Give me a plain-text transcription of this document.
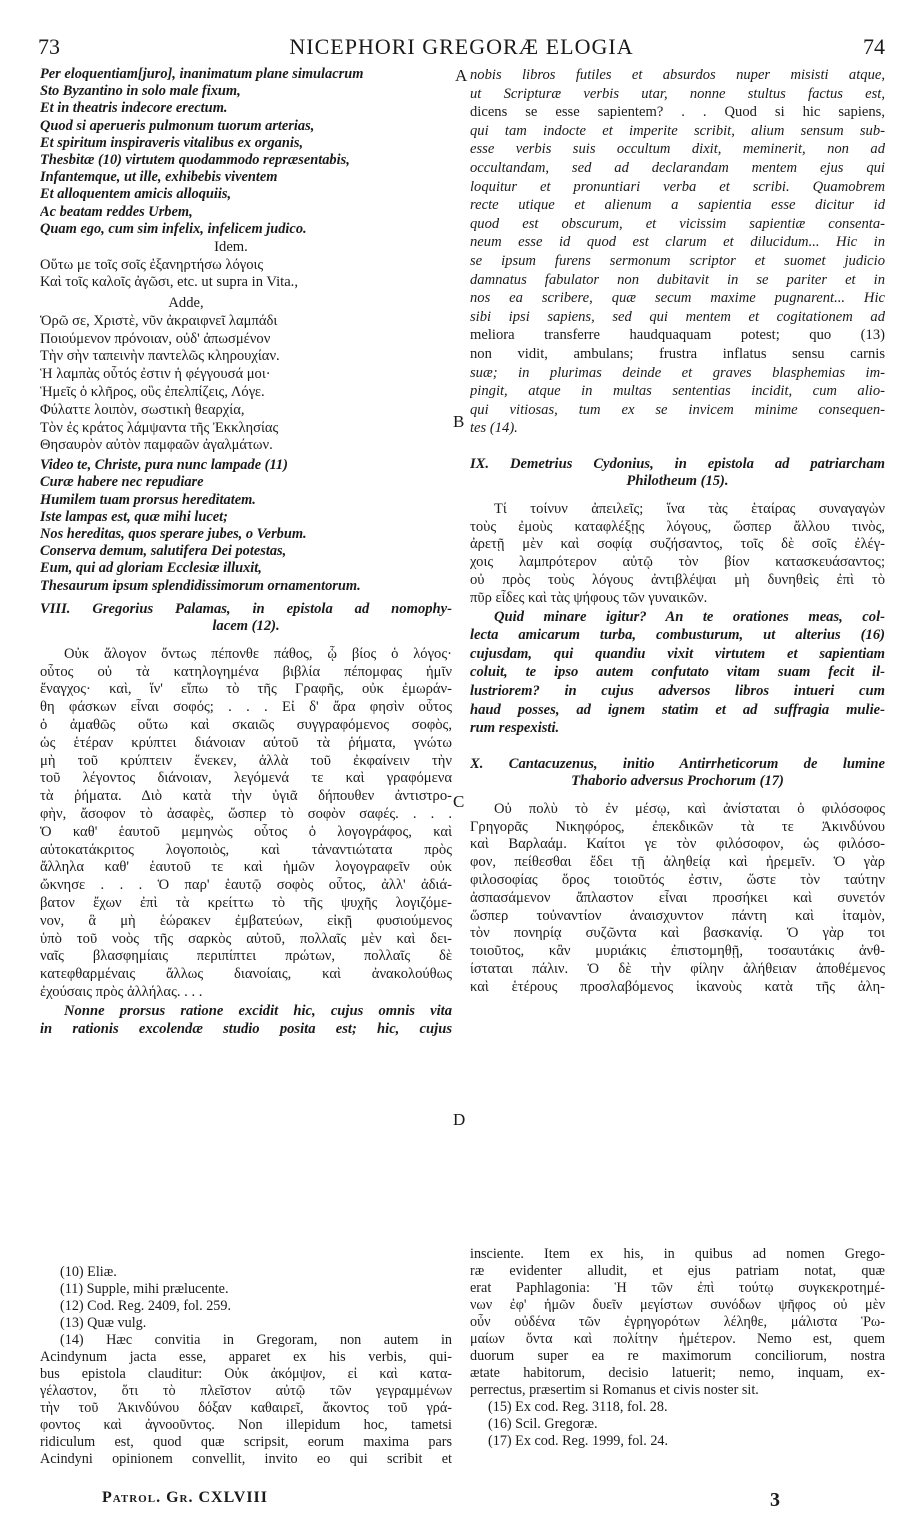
73	NICEPHORI GREGORÆ ELOGIA	74
A
B
C
D
Per eloquentiam[juro], inanimatum plane simulacrum
Sto Byzantino in solo male fixum,
Et in theatris indecore erectum.
Quod si aperueris pulmonum tuorum arterias,
Et spiritum inspiraveris vitalibus ex organis,
Thesbitæ (10) virtutem quodammodo repræsentabis,
Infantemque, ut ille, exhibebis viventem
Et alloquentem amicis alloquiis,
Ac beatam reddes Urbem,
Quam ego, cum sim infelix, infelicem judico.
Idem.
Οὕτω με τοῖς σοῖς ἐξανηρτήσω λόγοις
Καὶ τοῖς καλοῖς ἀγῶσι, etc. ut supra in Vita.,
Adde,
Ὁρῶ σε, Χριστὲ, νῦν ἀκραιφνεῖ λαμπάδι
Ποιούμενον πρόνοιαν, οὐδ' ἀπωσμένον
Τὴν σὴν ταπεινὴν παντελῶς κληρουχίαν.
Ἡ λαμπὰς οὗτός ἐστιν ἡ φέγγουσά μοι·
Ἡμεῖς ὁ κλῆρος, οὓς ἐπελπίζεις, Λόγε.
Φύλαττε λοιπὸν, σωστικὴ θεαρχία,
Τὸν ἐς κράτος λάμψαντα τῆς Ἐκκλησίας
Θησαυρὸν αὐτὸν παμφαῶν ἀγαλμάτων.
Video te, Christe, pura nunc lampade (11)
Curæ habere nec repudiare
Humilem tuam prorsus hereditatem.
Iste lampas est, quæ mihi lucet;
Nos hereditas, quos sperare jubes, o Verbum.
Conserva demum, salutifera Dei potestas,
Eum, qui ad gloriam Ecclesiæ illuxit,
Thesaurum ipsum splendidissimorum ornamentorum.
VIII. Gregorius Palamas, in epistola ad nomophy-
lacem (12).
Οὐκ ἄλογον ὄντως πέπονθε πάθος, ᾧ βίος ὁ λόγος·
οὗτος οὐ τὰ κατηλογημένα βιβλία πέπομφας ἡμῖν
ἔναγχος· καὶ, ἵν' εἴπω τὸ τῆς Γραφῆς, οὐκ ἐμωράν-
θη φάσκων εἶναι σοφός; . . . Εἰ δ' ἄρα φησὶν οὗτος
ὁ ἀμαθῶς οὕτω καὶ σκαιῶς συγγραφόμενος σοφὸς,
ὡς ἑτέραν κρύπτει διάνοιαν αὐτοῦ τὰ ῥήματα, γνώτω
μὴ τοῦ κρύπτειν ἕνεκεν, ἀλλὰ τοῦ ἐκφαίνειν τὴν
τοῦ λέγοντος διάνοιαν, λεγόμενά τε καὶ γραφόμενα
τὰ ῥήματα. Διὸ κατὰ τὴν ὑγιᾶ δήπουθεν ἀντιστρο-
φὴν, ἄσοφον τὸ ἀσαφὲς, ὥσπερ τὸ σοφὸν σαφές. . . .
Ὁ καθ' ἑαυτοῦ μεμηνὼς οὗτος ὁ λογογράφος, καὶ
αὐτοκατάκριτος λογοποιὸς, καὶ τἀναντιώτατα πρὸς
ἄλληλα καθ' ἑαυτοῦ τε καὶ ἡμῶν λογογραφεῖν οὐκ
ὤκνησε . . . Ὁ παρ' ἑαυτῷ σοφὸς οὗτος, ἀλλ' ἀδιά-
βατον ἔχων ἐπὶ τὰ κρείττω τὸ τῆς ψυχῆς λογιζόμε-
νον, ἃ μὴ ἑώρακεν ἐμβατεύων, εἰκῇ φυσιούμενος
ὑπὸ τοῦ νοὸς τῆς σαρκὸς αὐτοῦ, πολλαῖς μὲν καὶ δει-
ναῖς βλασφημίαις περιπίπτει πρώτων, πολλαῖς δὲ
κατεφθαρμέναις ἄλλως διανοίαις, καὶ ἀνακολούθως
ἐχούσαις πρὸς ἀλλήλας. . . .
Nonne prorsus ratione excidit hic, cujus omnis vita
in rationis excolendæ studio posita est; hic, cujus
(10) Eliæ.
(11) Supple, mihi prælucente.
(12) Cod. Reg. 2409, fol. 259.
(13) Quæ vulg.
(14) Hæc convitia in Gregoram, non autem in
Acindynum jacta esse, apparet ex his verbis, qui-
bus epistola clauditur: Οὐκ ἀκόμψον, εἰ καὶ κατα-
γέλαστον, ὅτι τὸ πλεῖστον αὐτῷ τῶν γεγραμμένων
τὴν τοῦ Ἀκινδύνου δόξαν καθαιρεῖ, ἄκοντος τοῦ γρά-
φοντος καὶ ἀγνοοῦντος. Non illepidum hoc, tametsi
ridiculum est, quod quæ scripsit, eorum maxima pars
Acindyni opinionem convellit, invito eo qui scribit et
nobis libros futiles et absurdos nuper misisti atque,
ut Scripturæ verbis utar, nonne stultus factus est,
dicens se esse sapientem? . . Quod si hic sapiens,
qui tam indocte et imperite scribit, alium sensum sub-
esse verbis suis occultum dixit, meminerit, non ad
occultandam, sed ad declarandam mentem ejus qui
loquitur et pronuntiari verba et scribi. Quamobrem
recte utique et alienum a sapientia esse dicitur id
quod est obscurum, et vicissim sapientiæ consenta-
neum esse id quod est clarum et dilucidum... Hic in
se ipsum furens sermonum scriptor et suomet judicio
damnatus fabulator non dubitavit in se pariter et in
nos ea scribere, quæ secum maxime pugnarent... Hic
sibi ipsi sapiens, sed qui mentem et cogitationem ad
meliora transferre haudquaquam potest; quo (13)
non vidit, ambulans; frustra inflatus sensu carnis
suæ; in plurimas deinde et graves blasphemias im-
pingit, atque in multas sententias incidit, cum alio-
qui vitiosas, tum ex se invicem minime consequen-
tes (14).
IX. Demetrius Cydonius, in epistola ad patriarcham
Philotheum (15).
Τί τοίνυν ἀπειλεῖς; ἵνα τὰς ἑταίρας συναγαγὼν
τοὺς ἐμοὺς καταφλέξῃς λόγους, ὥσπερ ἄλλου τινὸς,
ἀρετῇ μὲν καὶ σοφίᾳ συζήσαντος, τοῖς δὲ σοῖς ἐλέγ-
χοις λαμπρότερον αὐτῷ τὸν βίον κατασκευάσαντος;
οὐ πρὸς τοὺς λόγους ἀντιβλέψαι μὴ δυνηθεὶς ἐπὶ τὸ
πῦρ εἶδες καὶ τὰς ψήφους τῶν γυναικῶν.
Quid minare igitur? An te orationes meas, col-
lecta amicarum turba, combusturum, ut alterius (16)
cujusdam, qui quandiu vixit virtutem et sapientiam
coluit, te ipso autem confutato vitam suam fecit il-
lustriorem? in cujus adversos libros intueri cum
haud posses, ad ignem statim et ad suffragia mulie-
rum respexisti.
X. Cantacuzenus, initio Antirrheticorum de lumine
Thaborio adversus Prochorum (17)
Οὐ πολὺ τὸ ἐν μέσῳ, καὶ ἀνίσταται ὁ φιλόσοφος
Γρηγορᾶς Νικηφόρος, ἐπεκδικῶν τὰ τε Ἀκινδύνου
καὶ Βαρλαάμ. Καίτοι γε τὸν φιλόσοφον, ὡς φιλόσο-
φον, πείθεσθαι ἔδει τῇ ἀληθείᾳ καὶ ἠρεμεῖν. Ὁ γὰρ
φιλοσοφίας ὅρος τοιοῦτός ἐστιν, ὥστε τὸν ταύτην
ἀσπασάμενον ἄπλαστον εἶναι προσήκει καὶ συνετόν
ὥσπερ τοὐναντίον ἀναισχυντον πάντη καὶ ἰταμὸν,
τὸν πονηρίᾳ συζῶντα καὶ βασκανίᾳ. Ὁ γὰρ τοι
τοιοῦτος, κἂν μυριάκις ἐπιστομηθῇ, τοσαυτάκις ἀνθ-
ίσταται πάλιν. Ὁ δὲ τὴν φίλην ἀλήθειαν ἀποθέμενος
καὶ ἑτέρους προσλαβόμενος ἱκανοὺς κατὰ τῆς ἀλη-
insciente. Item ex his, in quibus ad nomen Grego-
ræ evidenter alludit, et ejus patriam notat, quæ
erat Paphlagonia: Ἡ τῶν ἐπὶ τούτῳ συγκεκροτημέ-
νων ἐφ' ἡμῶν δυεῖν μεγίστων συνόδων ψῆφος οὐ μὲν
οὖν οὐδένα τῶν ἐγρηγορότων λέληθε, μάλιστα Ῥω-
μαίων ὄντα καὶ πολίτην ἡμέτερον. Nemo est, quem
duorum super ea re maximorum conciliorum, nostra
ætate habitorum, decisio latuerit; nemo, inquam, ex-
perrectus, præsertim si Romanus et civis noster sit.
(15) Ex cod. Reg. 3118, fol. 28.
(16) Scil. Gregoræ.
(17) Ex cod. Reg. 1999, fol. 24.
Patrol. Gr. CXLVIII	3
